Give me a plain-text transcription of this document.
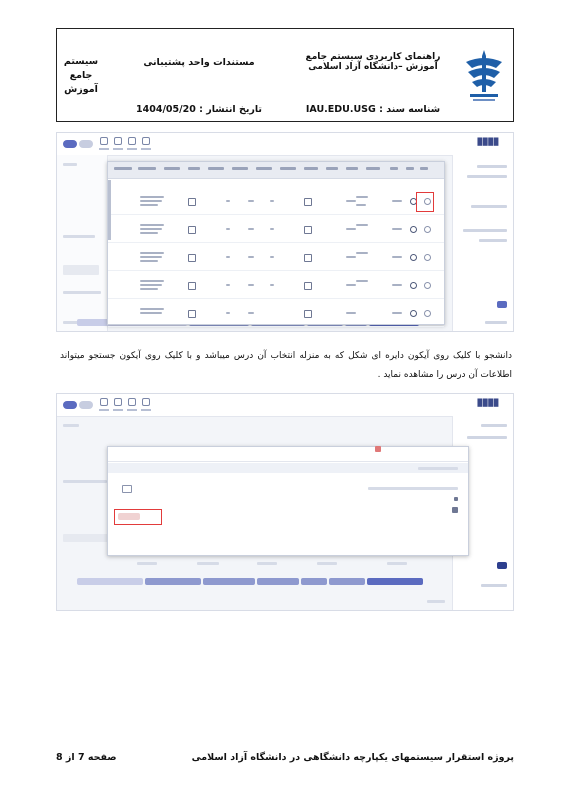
سیستم جامع آموزش
مستندات واحد پشتیبانی
تاریخ انتشار : 1404/05/20
راهنمای کاربردی سیستم جامع آموزش –دانشگاه آزاد اسلامی
شناسه سند : IAU.EDU.USG
▉▉▉▉
دانشجو با کلیک روی آیکون دایره ای شکل که به منزله انتخاب آن درس میباشد و با کلیک روی آیکون جستجو میتواند اطلاعات آن درس را مشاهده نماید .
▉▉▉▉
پروژه استقرار سیستمهای یکپارچه دانشگاهی در دانشگاه آزاد اسلامی
صفحه 7 از 8
